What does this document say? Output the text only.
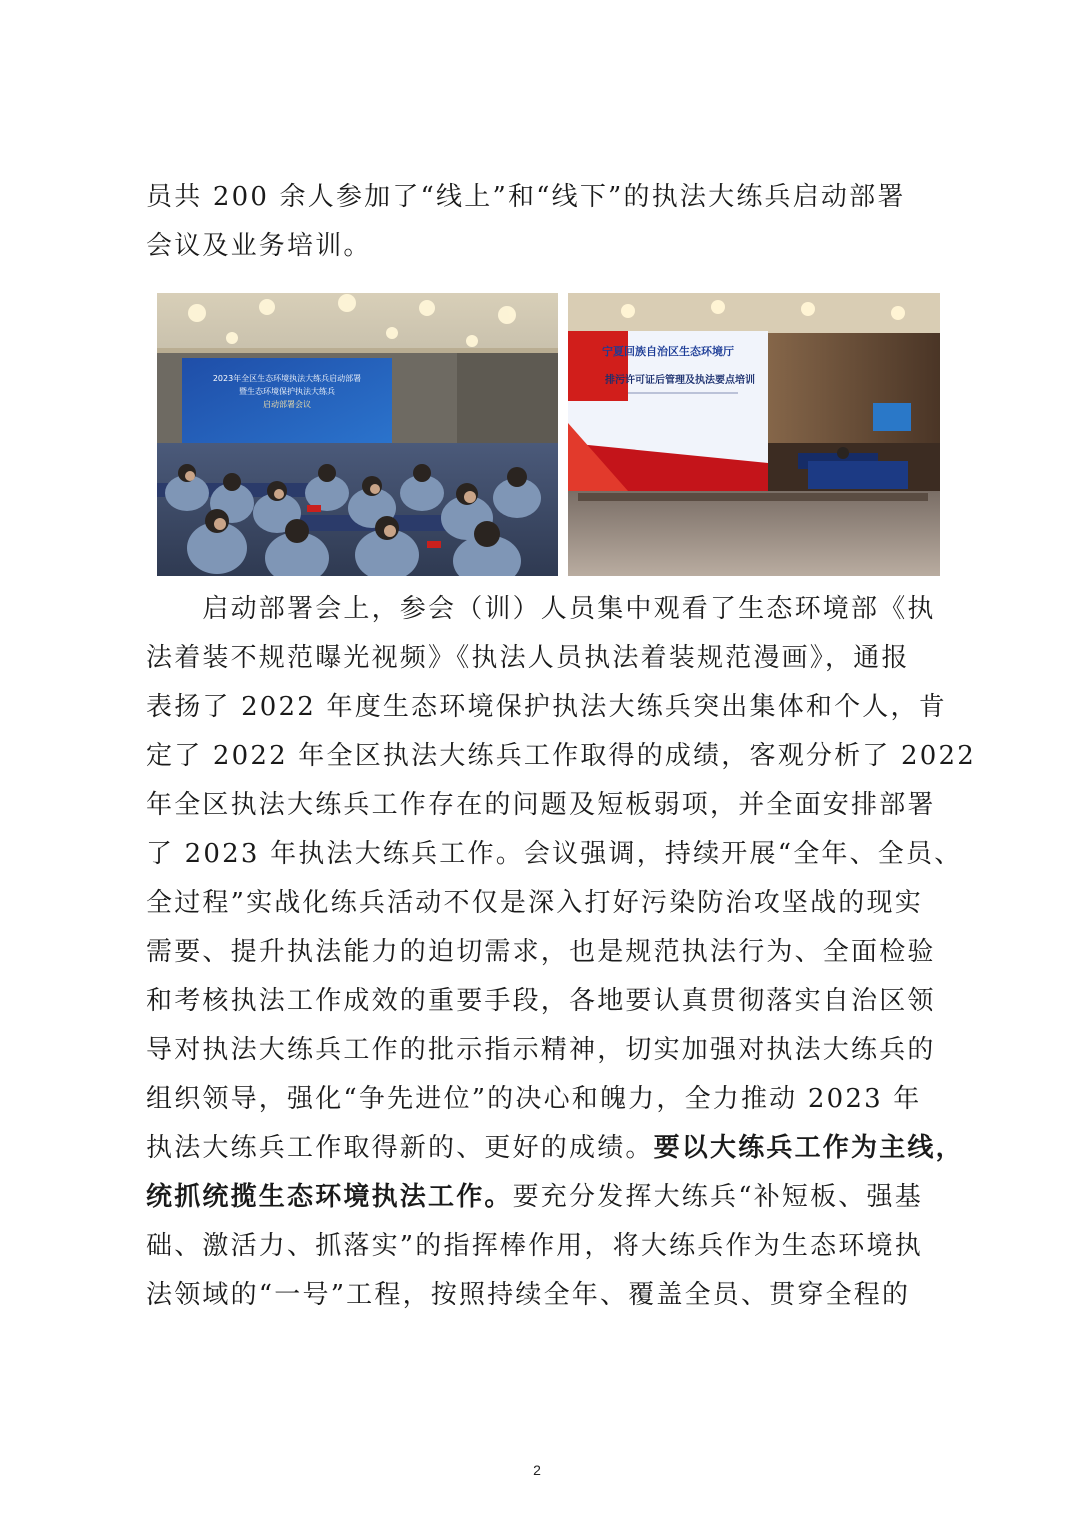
员共 200 余人参加了“线上”和“线下”的执法大练兵启动部署
会议及业务培训。

2023年全区生态环境执法大练兵启动部署
暨生态环境保护执法大练兵
启动部署会议
宁夏回族自治区生态环境厅
排污许可证后管理及执法要点培训

　　启动部署会上，参会（训）人员集中观看了生态环境部《执
法着装不规范曝光视频》《执法人员执法着装规范漫画》，通报
表扬了 2022 年度生态环境保护执法大练兵突出集体和个人，肯
定了 2022 年全区执法大练兵工作取得的成绩，客观分析了 2022
年全区执法大练兵工作存在的问题及短板弱项，并全面安排部署
了 2023 年执法大练兵工作。会议强调，持续开展“全年、全员、
全过程”实战化练兵活动不仅是深入打好污染防治攻坚战的现实
需要、提升执法能力的迫切需求，也是规范执法行为、全面检验
和考核执法工作成效的重要手段，各地要认真贯彻落实自治区领
导对执法大练兵工作的批示指示精神，切实加强对执法大练兵的
组织领导，强化“争先进位”的决心和魄力，全力推动 2023 年
执法大练兵工作取得新的、更好的成绩。要以大练兵工作为主线，
统抓统揽生态环境执法工作。要充分发挥大练兵“补短板、强基
础、激活力、抓落实”的指挥棒作用，将大练兵作为生态环境执
法领域的“一号”工程，按照持续全年、覆盖全员、贯穿全程的

2
